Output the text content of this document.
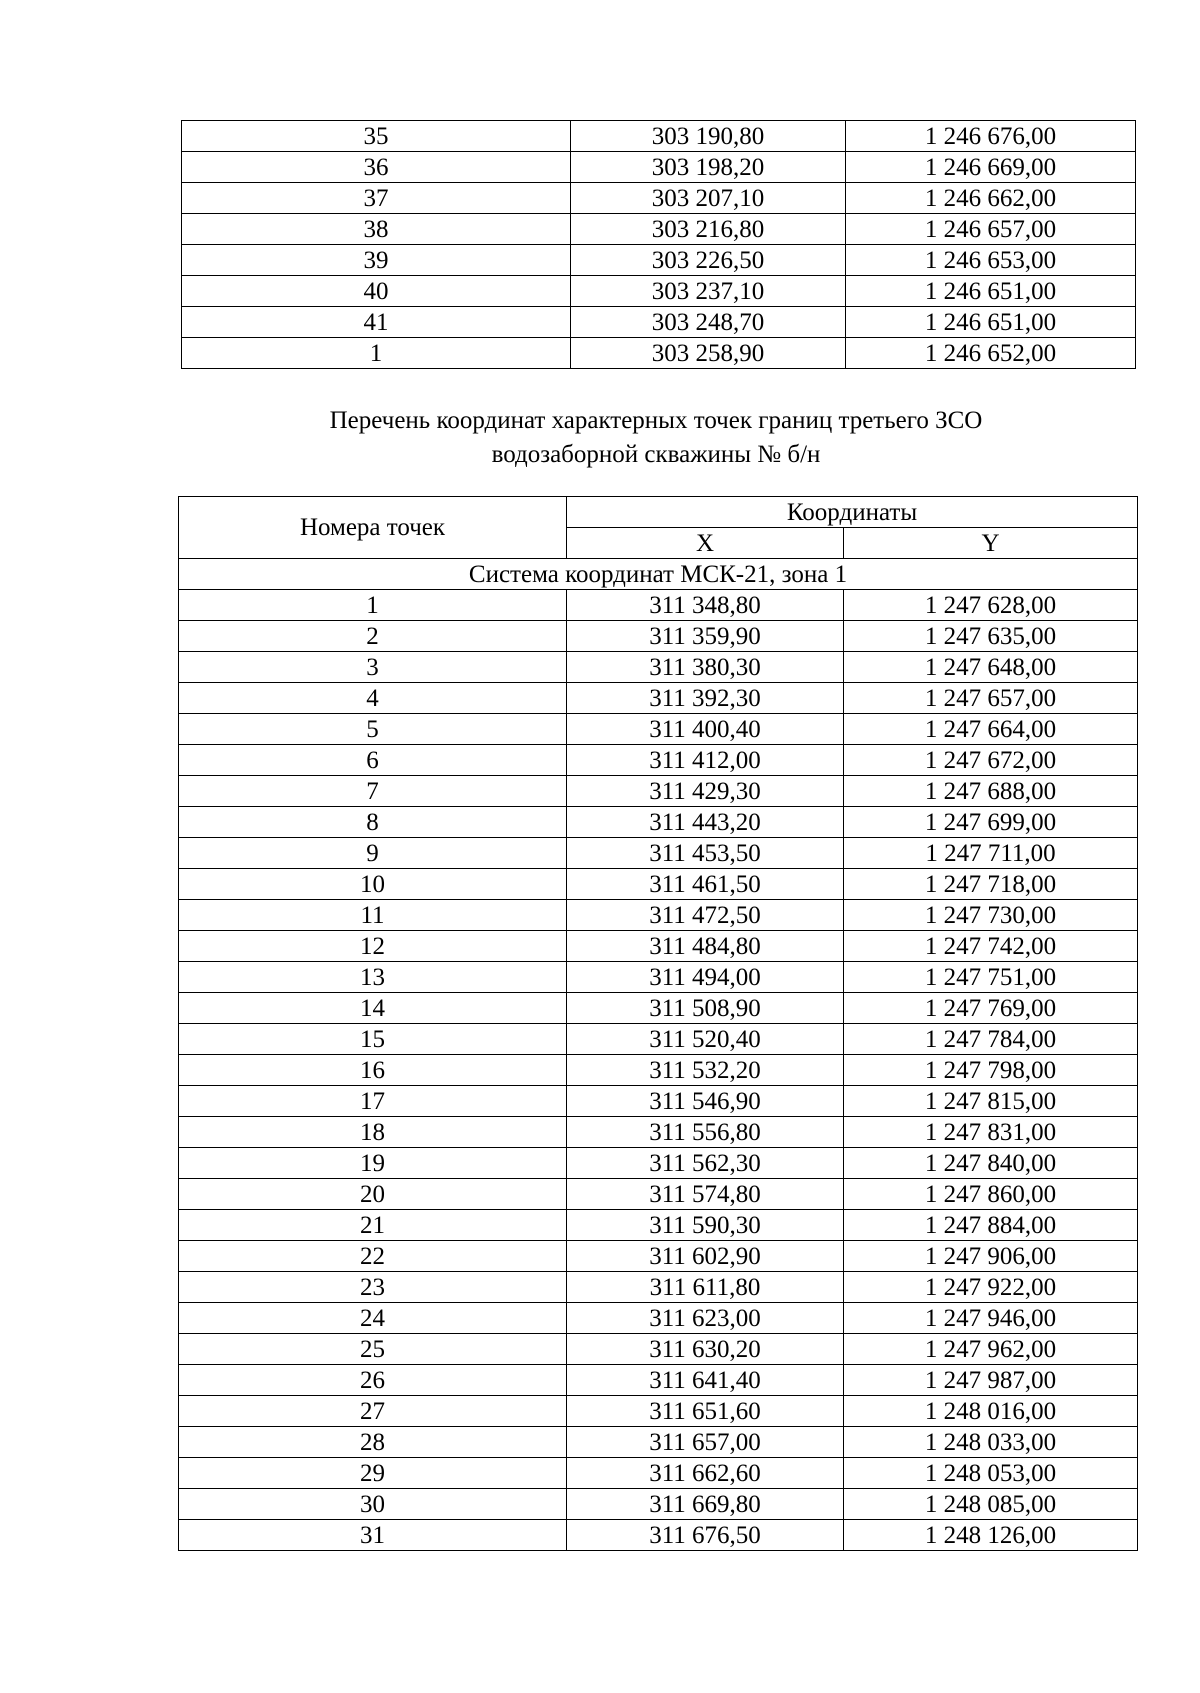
35	303 190,80	1 246 676,00
36	303 198,20	1 246 669,00
37	303 207,10	1 246 662,00
38	303 216,80	1 246 657,00
39	303 226,50	1 246 653,00
40	303 237,10	1 246 651,00
41	303 248,70	1 246 651,00
1	303 258,90	1 246 652,00
Перечень координат характерных точек границ третьего ЗСО
водозаборной скважины № б/н
Номера точек	Координаты	
	X	Y
Система координат МСК-21, зона 1		
1	311 348,80	1 247 628,00
2	311 359,90	1 247 635,00
3	311 380,30	1 247 648,00
4	311 392,30	1 247 657,00
5	311 400,40	1 247 664,00
6	311 412,00	1 247 672,00
7	311 429,30	1 247 688,00
8	311 443,20	1 247 699,00
9	311 453,50	1 247 711,00
10	311 461,50	1 247 718,00
11	311 472,50	1 247 730,00
12	311 484,80	1 247 742,00
13	311 494,00	1 247 751,00
14	311 508,90	1 247 769,00
15	311 520,40	1 247 784,00
16	311 532,20	1 247 798,00
17	311 546,90	1 247 815,00
18	311 556,80	1 247 831,00
19	311 562,30	1 247 840,00
20	311 574,80	1 247 860,00
21	311 590,30	1 247 884,00
22	311 602,90	1 247 906,00
23	311 611,80	1 247 922,00
24	311 623,00	1 247 946,00
25	311 630,20	1 247 962,00
26	311 641,40	1 247 987,00
27	311 651,60	1 248 016,00
28	311 657,00	1 248 033,00
29	311 662,60	1 248 053,00
30	311 669,80	1 248 085,00
31	311 676,50	1 248 126,00
